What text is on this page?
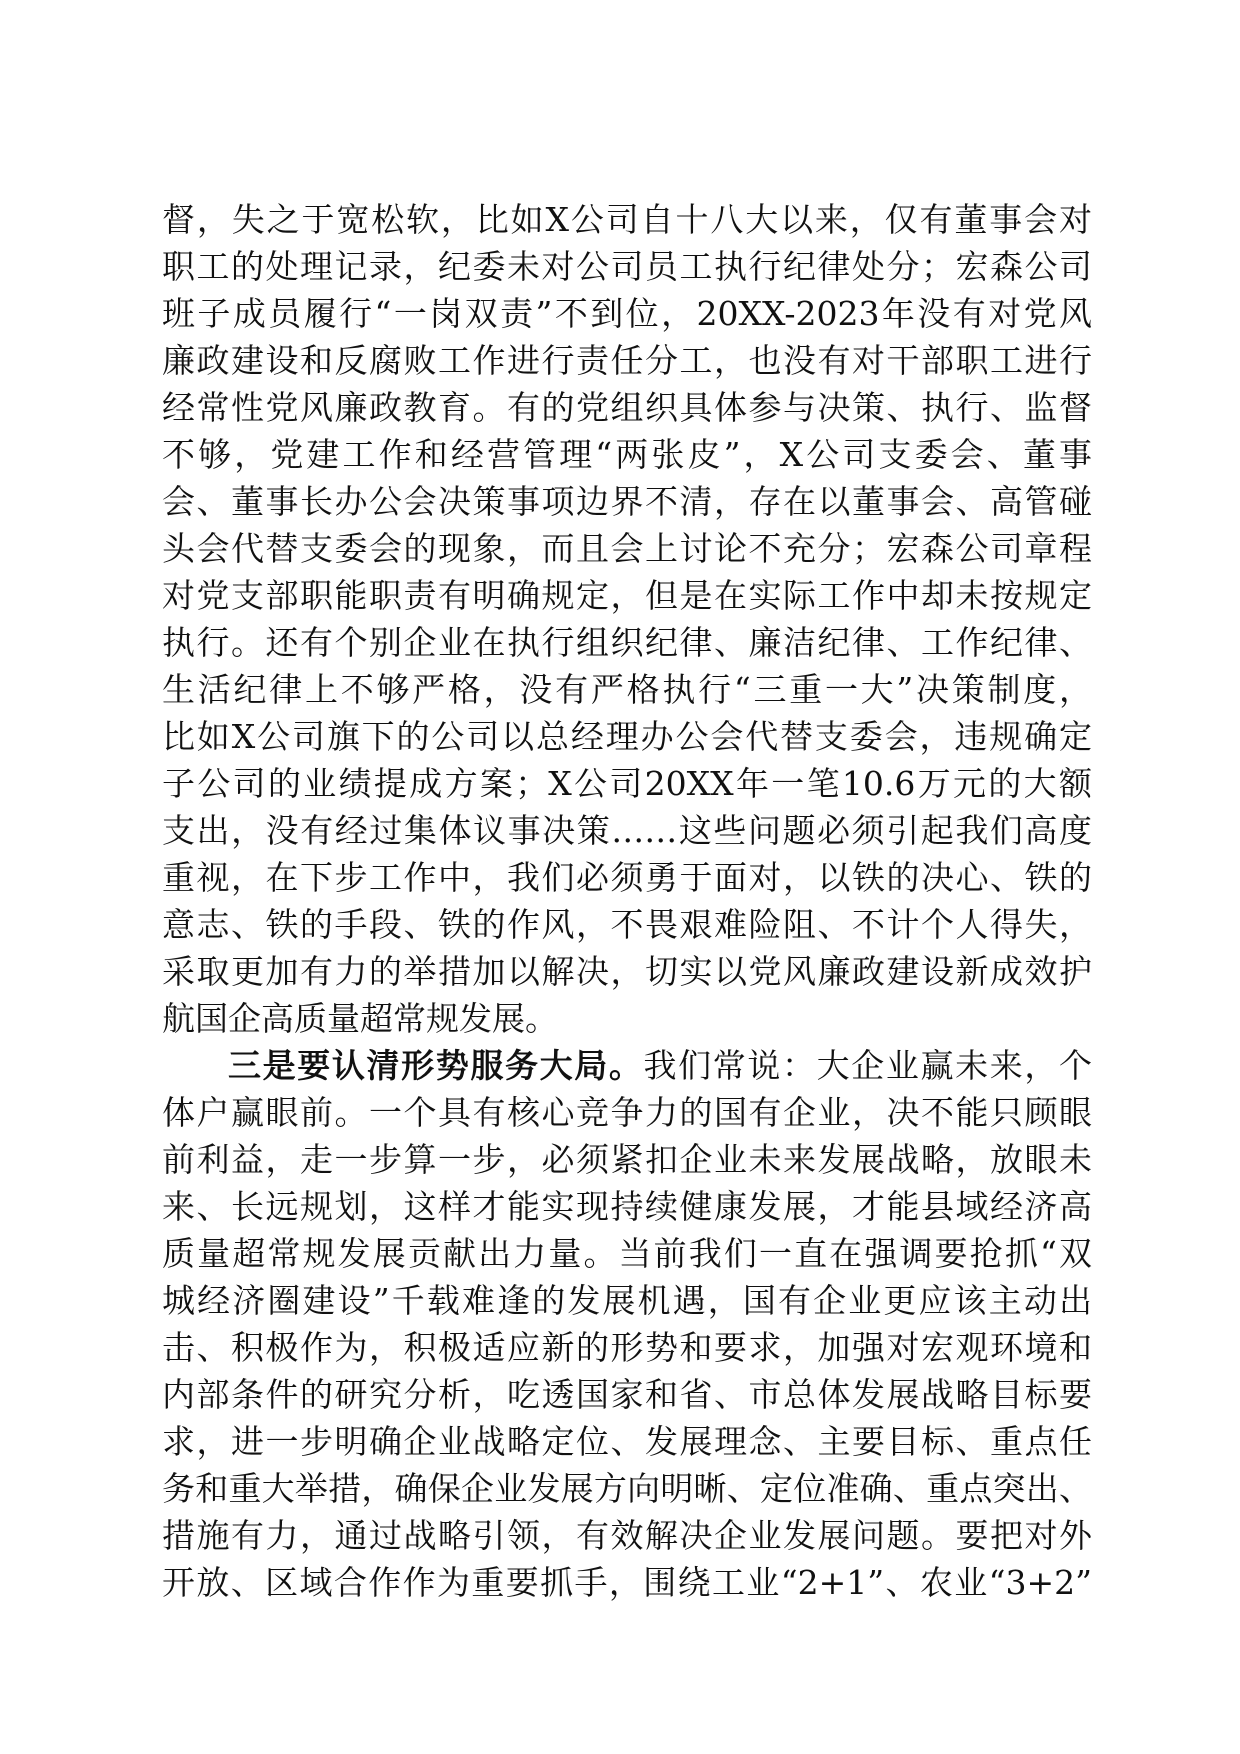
督，失之于宽松软，比如X公司自十八大以来，仅有董事会对
职工的处理记录，纪委未对公司员工执行纪律处分；宏森公司
班子成员履行“一岗双责”不到位，20XX-2023年没有对党风
廉政建设和反腐败工作进行责任分工，也没有对干部职工进行
经常性党风廉政教育。有的党组织具体参与决策、执行、监督
不够，党建工作和经营管理“两张皮”，X公司支委会、董事
会、董事长办公会决策事项边界不清，存在以董事会、高管碰
头会代替支委会的现象，而且会上讨论不充分；宏森公司章程
对党支部职能职责有明确规定，但是在实际工作中却未按规定
执行。还有个别企业在执行组织纪律、廉洁纪律、工作纪律、
生活纪律上不够严格，没有严格执行“三重一大”决策制度，
比如X公司旗下的公司以总经理办公会代替支委会，违规确定
子公司的业绩提成方案；X公司20XX年一笔10.6万元的大额
支出，没有经过集体议事决策……这些问题必须引起我们高度
重视，在下步工作中，我们必须勇于面对，以铁的决心、铁的
意志、铁的手段、铁的作风，不畏艰难险阻、不计个人得失，
采取更加有力的举措加以解决，切实以党风廉政建设新成效护
航国企高质量超常规发展。
三是要认清形势服务大局。我们常说：大企业赢未来，个
体户赢眼前。一个具有核心竞争力的国有企业，决不能只顾眼
前利益，走一步算一步，必须紧扣企业未来发展战略，放眼未
来、长远规划，这样才能实现持续健康发展，才能县域经济高
质量超常规发展贡献出力量。当前我们一直在强调要抢抓“双
城经济圈建设”千载难逢的发展机遇，国有企业更应该主动出
击、积极作为，积极适应新的形势和要求，加强对宏观环境和
内部条件的研究分析，吃透国家和省、市总体发展战略目标要
求，进一步明确企业战略定位、发展理念、主要目标、重点任
务和重大举措，确保企业发展方向明晰、定位准确、重点突出、
措施有力，通过战略引领，有效解决企业发展问题。要把对外
开放、区域合作作为重要抓手，围绕工业“2+1”、农业“3+2”
